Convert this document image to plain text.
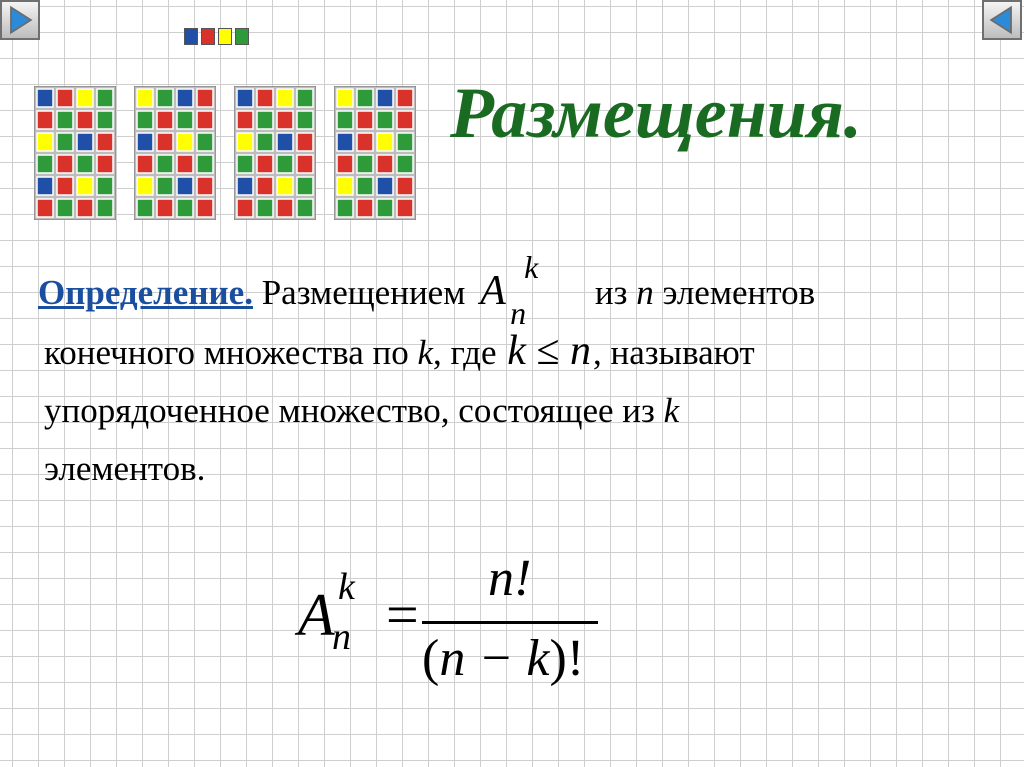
Размещения.
Определение. Размещением A n
k
из n элементов
конечного множества по k, где k ≤ n, называют
упорядоченное множество, состоящее из k
элементов.
A
n
k =
n!
(n − k)!
